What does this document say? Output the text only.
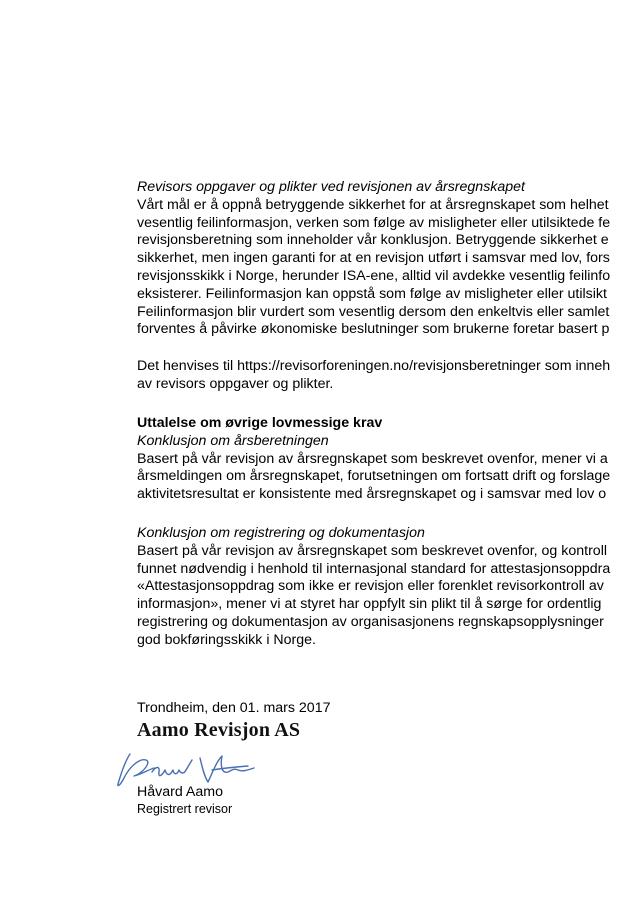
Revisors oppgaver og plikter ved revisjonen av årsregnskapet
Vårt mål er å oppnå betryggende sikkerhet for at årsregnskapet som helhet
vesentlig feilinformasjon, verken som følge av misligheter eller utilsiktede fe
revisjonsberetning som inneholder vår konklusjon. Betryggende sikkerhet e
sikkerhet, men ingen garanti for at en revisjon utført i samsvar med lov, fors
revisjonsskikk i Norge, herunder ISA-ene, alltid vil avdekke vesentlig feilinfo
eksisterer. Feilinformasjon kan oppstå som følge av misligheter eller utilsikt
Feilinformasjon blir vurdert som vesentlig dersom den enkeltvis eller samlet
forventes å påvirke økonomiske beslutninger som brukerne foretar basert p
Det henvises til https://revisorforeningen.no/revisjonsberetninger som inneh
av revisors oppgaver og plikter.
Uttalelse om øvrige lovmessige krav
Konklusjon om årsberetningen
Basert på vår revisjon av årsregnskapet som beskrevet ovenfor, mener vi a
årsmeldingen om årsregnskapet, forutsetningen om fortsatt drift og forslage
aktivitetsresultat er konsistente med årsregnskapet og i samsvar med lov o
Konklusjon om registrering og dokumentasjon
Basert på vår revisjon av årsregnskapet som beskrevet ovenfor, og kontroll
funnet nødvendig i henhold til internasjonal standard for attestasjonsoppdra
«Attestasjonsoppdrag som ikke er revisjon eller forenklet revisorkontroll av
informasjon», mener vi at styret har oppfylt sin plikt til å sørge for ordentlig
registrering og dokumentasjon av organisasjonens regnskapsopplysninger
god bokføringsskikk i Norge.
Trondheim, den 01. mars 2017
Aamo Revisjon AS
Håvard Aamo
Registrert revisor
